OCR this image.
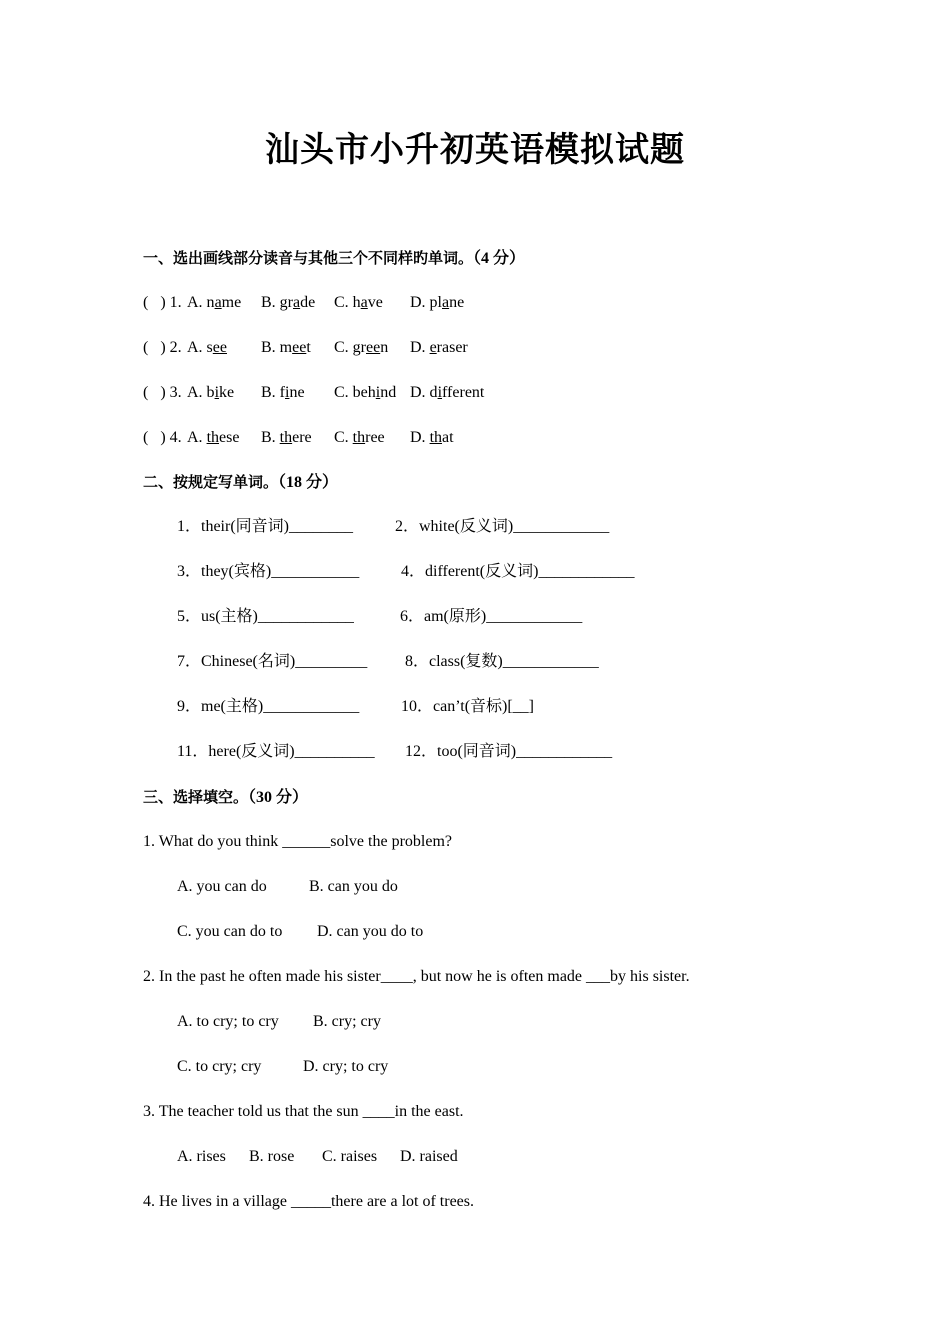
汕头市小升初英语模拟试题
一、选出画线部分读音与其他三个不同样旳单词。（4 分）
(   ) 1. A. name B. grade C. have D. plane
(   ) 2. A. see B. meet C. green D. eraser
(   ) 3. A. bike B. fine C. behind D. different
(   ) 4. A. these B. there C. three D. that
二、按规定写单词。（18 分）
1．their(同音词)________	2．white(反义词)____________
3．they(宾格)___________	4．different(反义词)____________
5．us(主格)____________	6．am(原形)____________
7．Chinese(名词)_________ 8．class(复数)____________
9．me(主格)____________	10．can’t(音标)[__]
11．here(反义词)__________ 12．too(同音词)____________
三、选择填空。（30 分）
1. What do you think ______solve the problem?
A. you can do	B. can you do
C. you can do to D. can you do to
2. In the past he often made his sister____, but now he is often made ___by his sister.
A. to cry; to cry B. cry; cry
C. to cry; cry	D. cry; to cry
3. The teacher told us that the sun ____in the east.
A. rises B. rose C. raises D. raised
4. He lives in a village _____there are a lot of trees.
